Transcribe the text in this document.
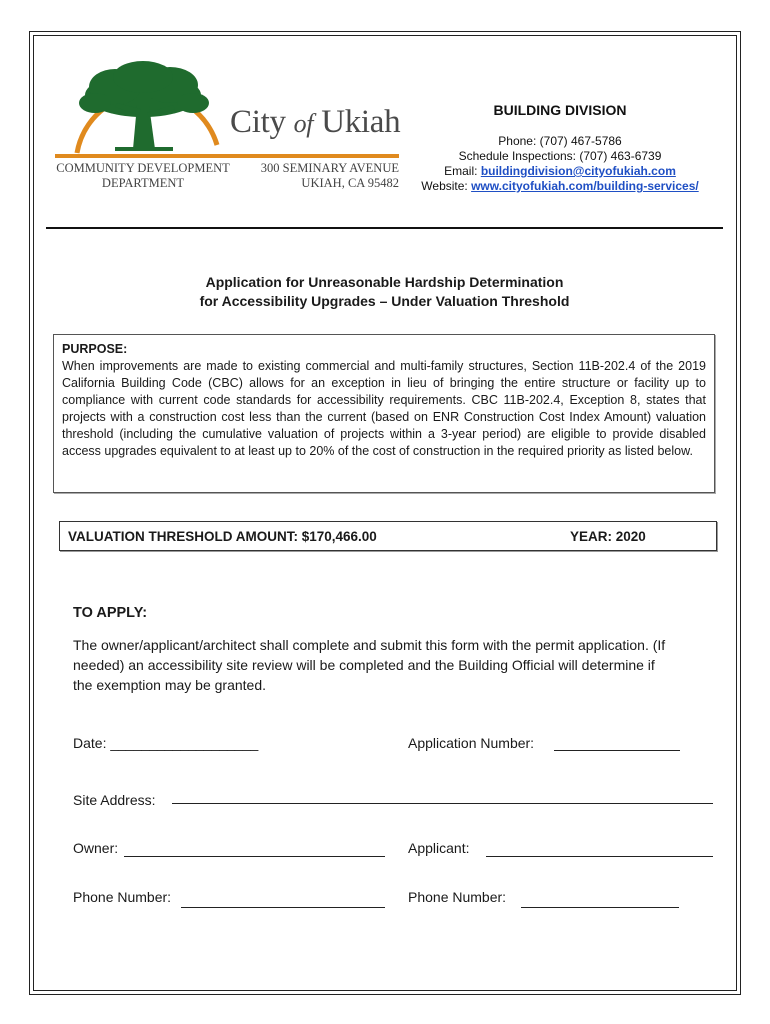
City of Ukiah
COMMUNITY DEVELOPMENT
DEPARTMENT
300 SEMINARY AVENUE
UKIAH, CA 95482
BUILDING DIVISION
Phone: (707) 467-5786
Schedule Inspections: (707) 463-6739
Email: buildingdivision@cityofukiah.com
Website: www.cityofukiah.com/building-services/
Application for Unreasonable Hardship Determination
for Accessibility Upgrades – Under Valuation Threshold
PURPOSE:
When improvements are made to existing commercial and multi-family structures, Section 11B-202.4 of the 2019 California Building Code (CBC) allows for an exception in lieu of bringing the entire structure or facility up to compliance with current code standards for accessibility requirements. CBC 11B-202.4, Exception 8, states that projects with a construction cost less than the current (based on ENR Construction Cost Index Amount) valuation threshold (including the cumulative valuation of projects within a 3-year period) are eligible to provide disabled access upgrades equivalent to at least up to 20% of the cost of construction in the required priority as listed below.
VALUATION THRESHOLD AMOUNT: $170,466.00	YEAR: 2020
TO APPLY:
The owner/applicant/architect shall complete and submit this form with the permit application. (If needed) an accessibility site review will be completed and the Building Official will determine if the exemption may be granted.
Date: ___________________	Application Number:
Site Address:
Owner:	Applicant:
Phone Number:	Phone Number:
